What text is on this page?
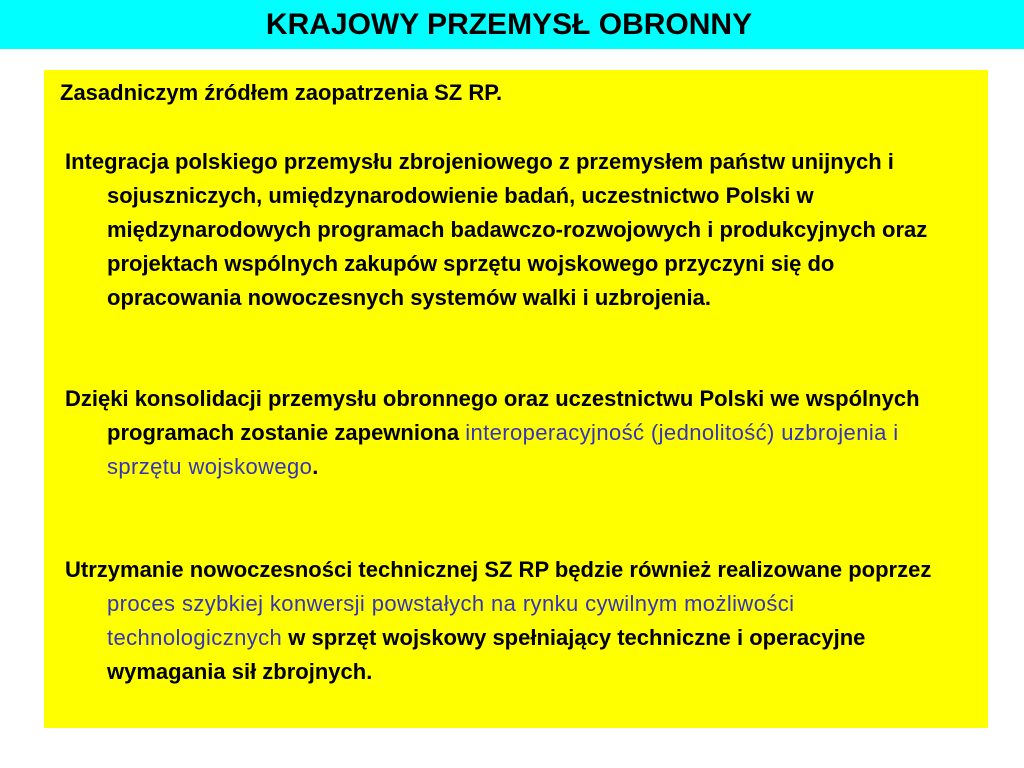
KRAJOWY PRZEMYSŁ OBRONNY
Zasadniczym źródłem zaopatrzenia SZ RP.
Integracja polskiego przemysłu zbrojeniowego z przemysłem państw unijnych i sojuszniczych, umiędzynarodowienie badań, uczestnictwo Polski w międzynarodowych programach badawczo-rozwojowych i produkcyjnych oraz projektach wspólnych zakupów sprzętu wojskowego przyczyni się do opracowania nowoczesnych systemów walki i uzbrojenia.
Dzięki konsolidacji przemysłu obronnego oraz uczestnictwu Polski we wspólnych programach zostanie zapewniona interoperacyjność (jednolitość) uzbrojenia i sprzętu wojskowego.
Utrzymanie nowoczesności technicznej SZ RP będzie również realizowane poprzez proces szybkiej konwersji powstałych na rynku cywilnym możliwości technologicznych w sprzęt wojskowy spełniający techniczne i operacyjne wymagania sił zbrojnych.
